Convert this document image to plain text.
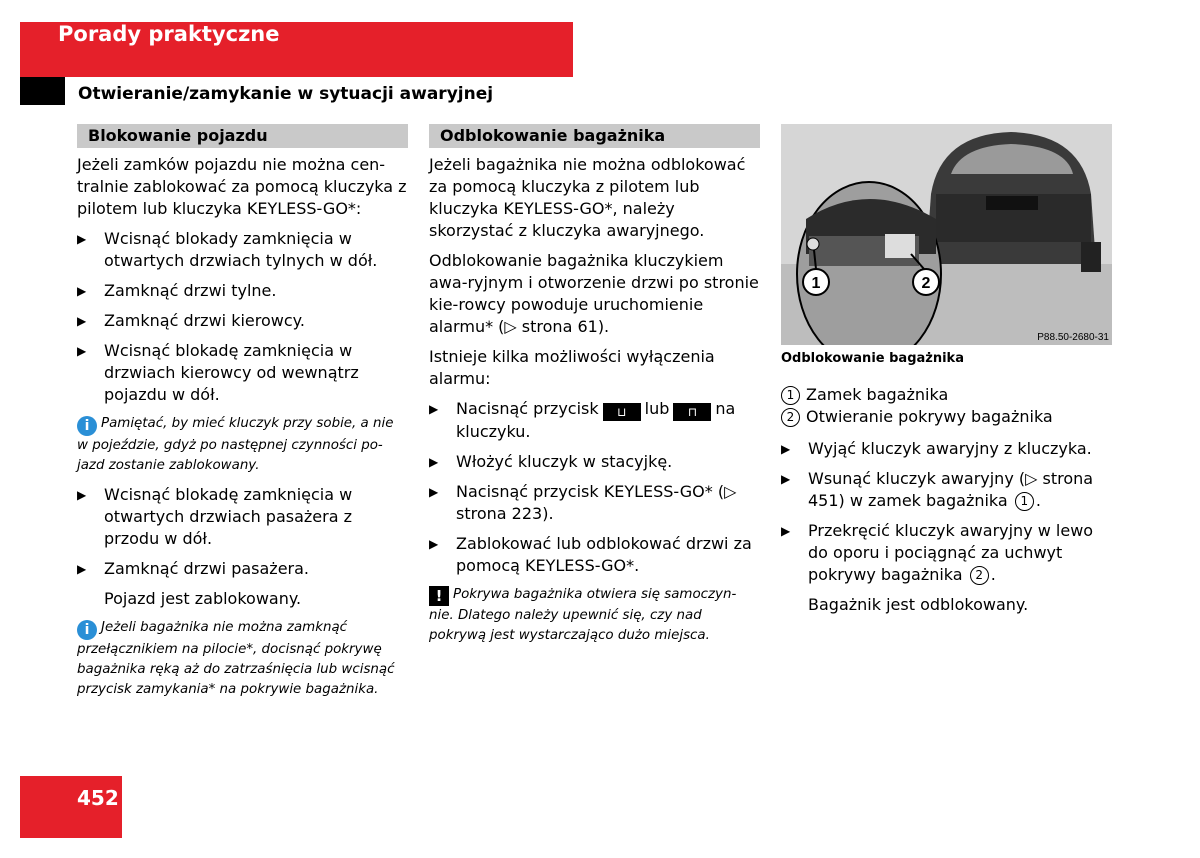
Porady praktyczne
Otwieranie/zamykanie w sytuacji awaryjnej
Blokowanie pojazdu

Jeżeli zamków pojazdu nie można cen-tralnie zablokować za pomocą kluczyka z pilotem lub kluczyka KEYLESS-GO*:

▶	Wcisnąć blokady zamknięcia w otwartych drzwiach tylnych w dół.
▶	Zamknąć drzwi tylne.
▶	Zamknąć drzwi kierowcy.
▶	Wcisnąć blokadę zamknięcia w drzwiach kierowcy od wewnątrz pojazdu w dół.

i Pamiętać, by mieć kluczyk przy sobie, a nie w pojeździe, gdyż po następnej czynności po-jazd zostanie zablokowany.

▶	Wcisnąć blokadę zamknięcia w otwartych drzwiach pasażera z przodu w dół.
▶	Zamknąć drzwi pasażera.

Pojazd jest zablokowany.

i Jeżeli bagażnika nie można zamknąć przełącznikiem na pilocie*, docisnąć pokrywę bagażnika ręką aż do zatrzaśnięcia lub wcisnąć przycisk zamykania* na pokrywie bagażnika.

Odblokowanie bagażnika

Jeżeli bagażnika nie można odblokować za pomocą kluczyka z pilotem lub kluczyka KEYLESS-GO*, należy skorzystać z kluczyka awaryjnego.

Odblokowanie bagażnika kluczykiem awa-ryjnym i otworzenie drzwi po stronie kie-rowcy powoduje uruchomienie alarmu* (▷ strona 61).

Istnieje kilka możliwości wyłączenia alarmu:

▶	Nacisnąć przycisk ⊔ lub ⊓ na kluczyku.
▶	Włożyć kluczyk w stacyjkę.
▶	Nacisnąć przycisk KEYLESS-GO* (▷ strona 223).
▶	Zablokować lub odblokować drzwi za pomocą KEYLESS-GO*.

! Pokrywa bagażnika otwiera się samoczyn-nie. Dlatego należy upewnić się, czy nad pokrywą jest wystarczająco dużo miejsca.

1	2
P88.50-2680-31
Odblokowanie bagażnika

1 Zamek bagażnika

2 Otwieranie pokrywy bagażnika

▶	Wyjąć kluczyk awaryjny z kluczyka.
▶	Wsunąć kluczyk awaryjny (▷ strona 451) w zamek bagażnika 1 .
▶	Przekręcić kluczyk awaryjny w lewo do oporu i pociągnąć za uchwyt pokrywy bagażnika 2 .

Bagażnik jest odblokowany.

452
